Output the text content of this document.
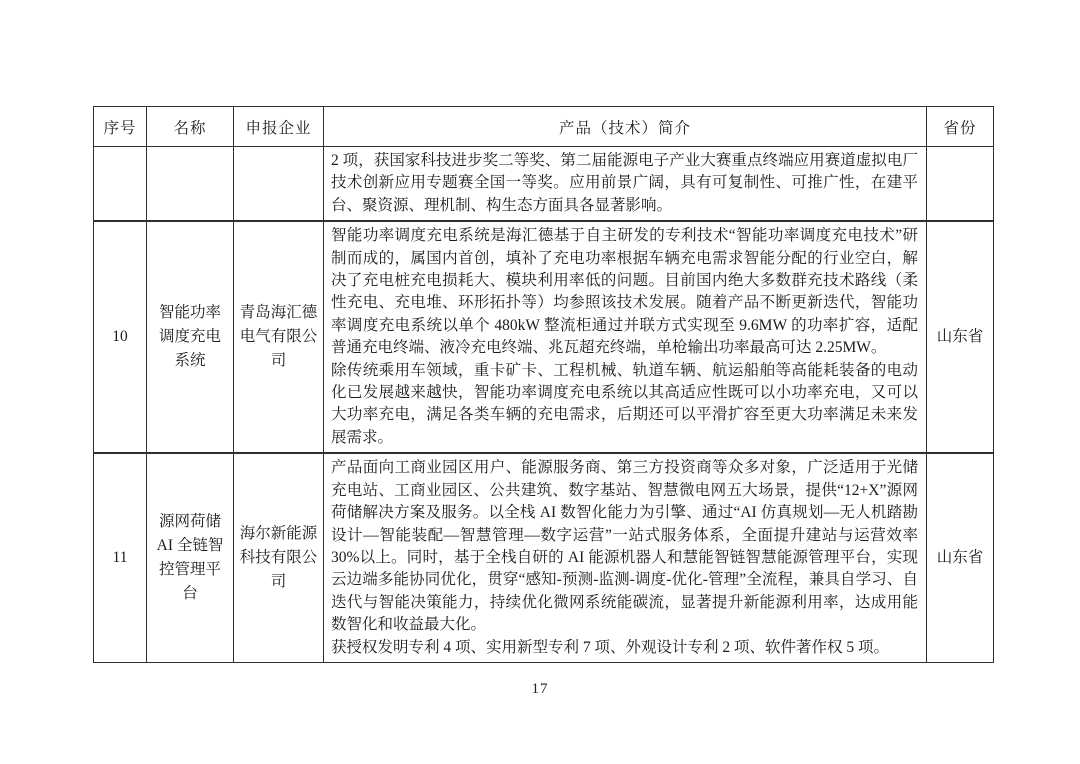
序号	名称	申报企业	产品（技术）简介	省份

			2 项，获国家科技进步奖二等奖、第二届能源电子产业大赛重点终端应用赛道虚拟电厂技术创新应用专题赛全国一等奖。应用前景广阔，具有可复制性、可推广性，在建平台、聚资源、理机制、构生态方面具各显著影响。	

10	智能功率调度充电系统	青岛海汇德电气有限公司	智能功率调度充电系统是海汇德基于自主研发的专利技术“智能功率调度充电技术”研制而成的，属国内首创，填补了充电功率根据车辆充电需求智能分配的行业空白，解决了充电桩充电损耗大、模块利用率低的问题。目前国内绝大多数群充技术路线（柔性充电、充电堆、环形拓扑等）均参照该技术发展。随着产品不断更新迭代，智能功率调度充电系统以单个 480kW 整流柜通过并联方式实现至 9.6MW 的功率扩容，适配普通充电终端、液冷充电终端、兆瓦超充终端，单枪输出功率最高可达 2.25MW。

除传统乘用车领域，重卡矿卡、工程机械、轨道车辆、航运船舶等高能耗装备的电动化已发展越来越快，智能功率调度充电系统以其高适应性既可以小功率充电，又可以大功率充电，满足各类车辆的充电需求，后期还可以平滑扩容至更大功率满足未来发展需求。	山东省
11	源网荷储 AI 全链智控管理平台	海尔新能源科技有限公司	产品面向工商业园区用户、能源服务商、第三方投资商等众多对象，广泛适用于光储充电站、工商业园区、公共建筑、数字基站、智慧微电网五大场景，提供“12+X”源网荷储解决方案及服务。以全栈 AI 数智化能力为引擎、通过“AI 仿真规划—无人机踏勘设计—智能装配—智慧管理—数字运营”一站式服务体系，全面提升建站与运营效率 30%以上。同时，基于全栈自研的 AI 能源机器人和慧能智链智慧能源管理平台，实现云边端多能协同优化，贯穿“感知-预测-监测-调度-优化-管理”全流程，兼具自学习、自迭代与智能决策能力，持续优化微网系统能碳流，显著提升新能源利用率，达成用能数智化和收益最大化。

获授权发明专利 4 项、实用新型专利 7 项、外观设计专利 2 项、软件著作权 5 项。	山东省
17
